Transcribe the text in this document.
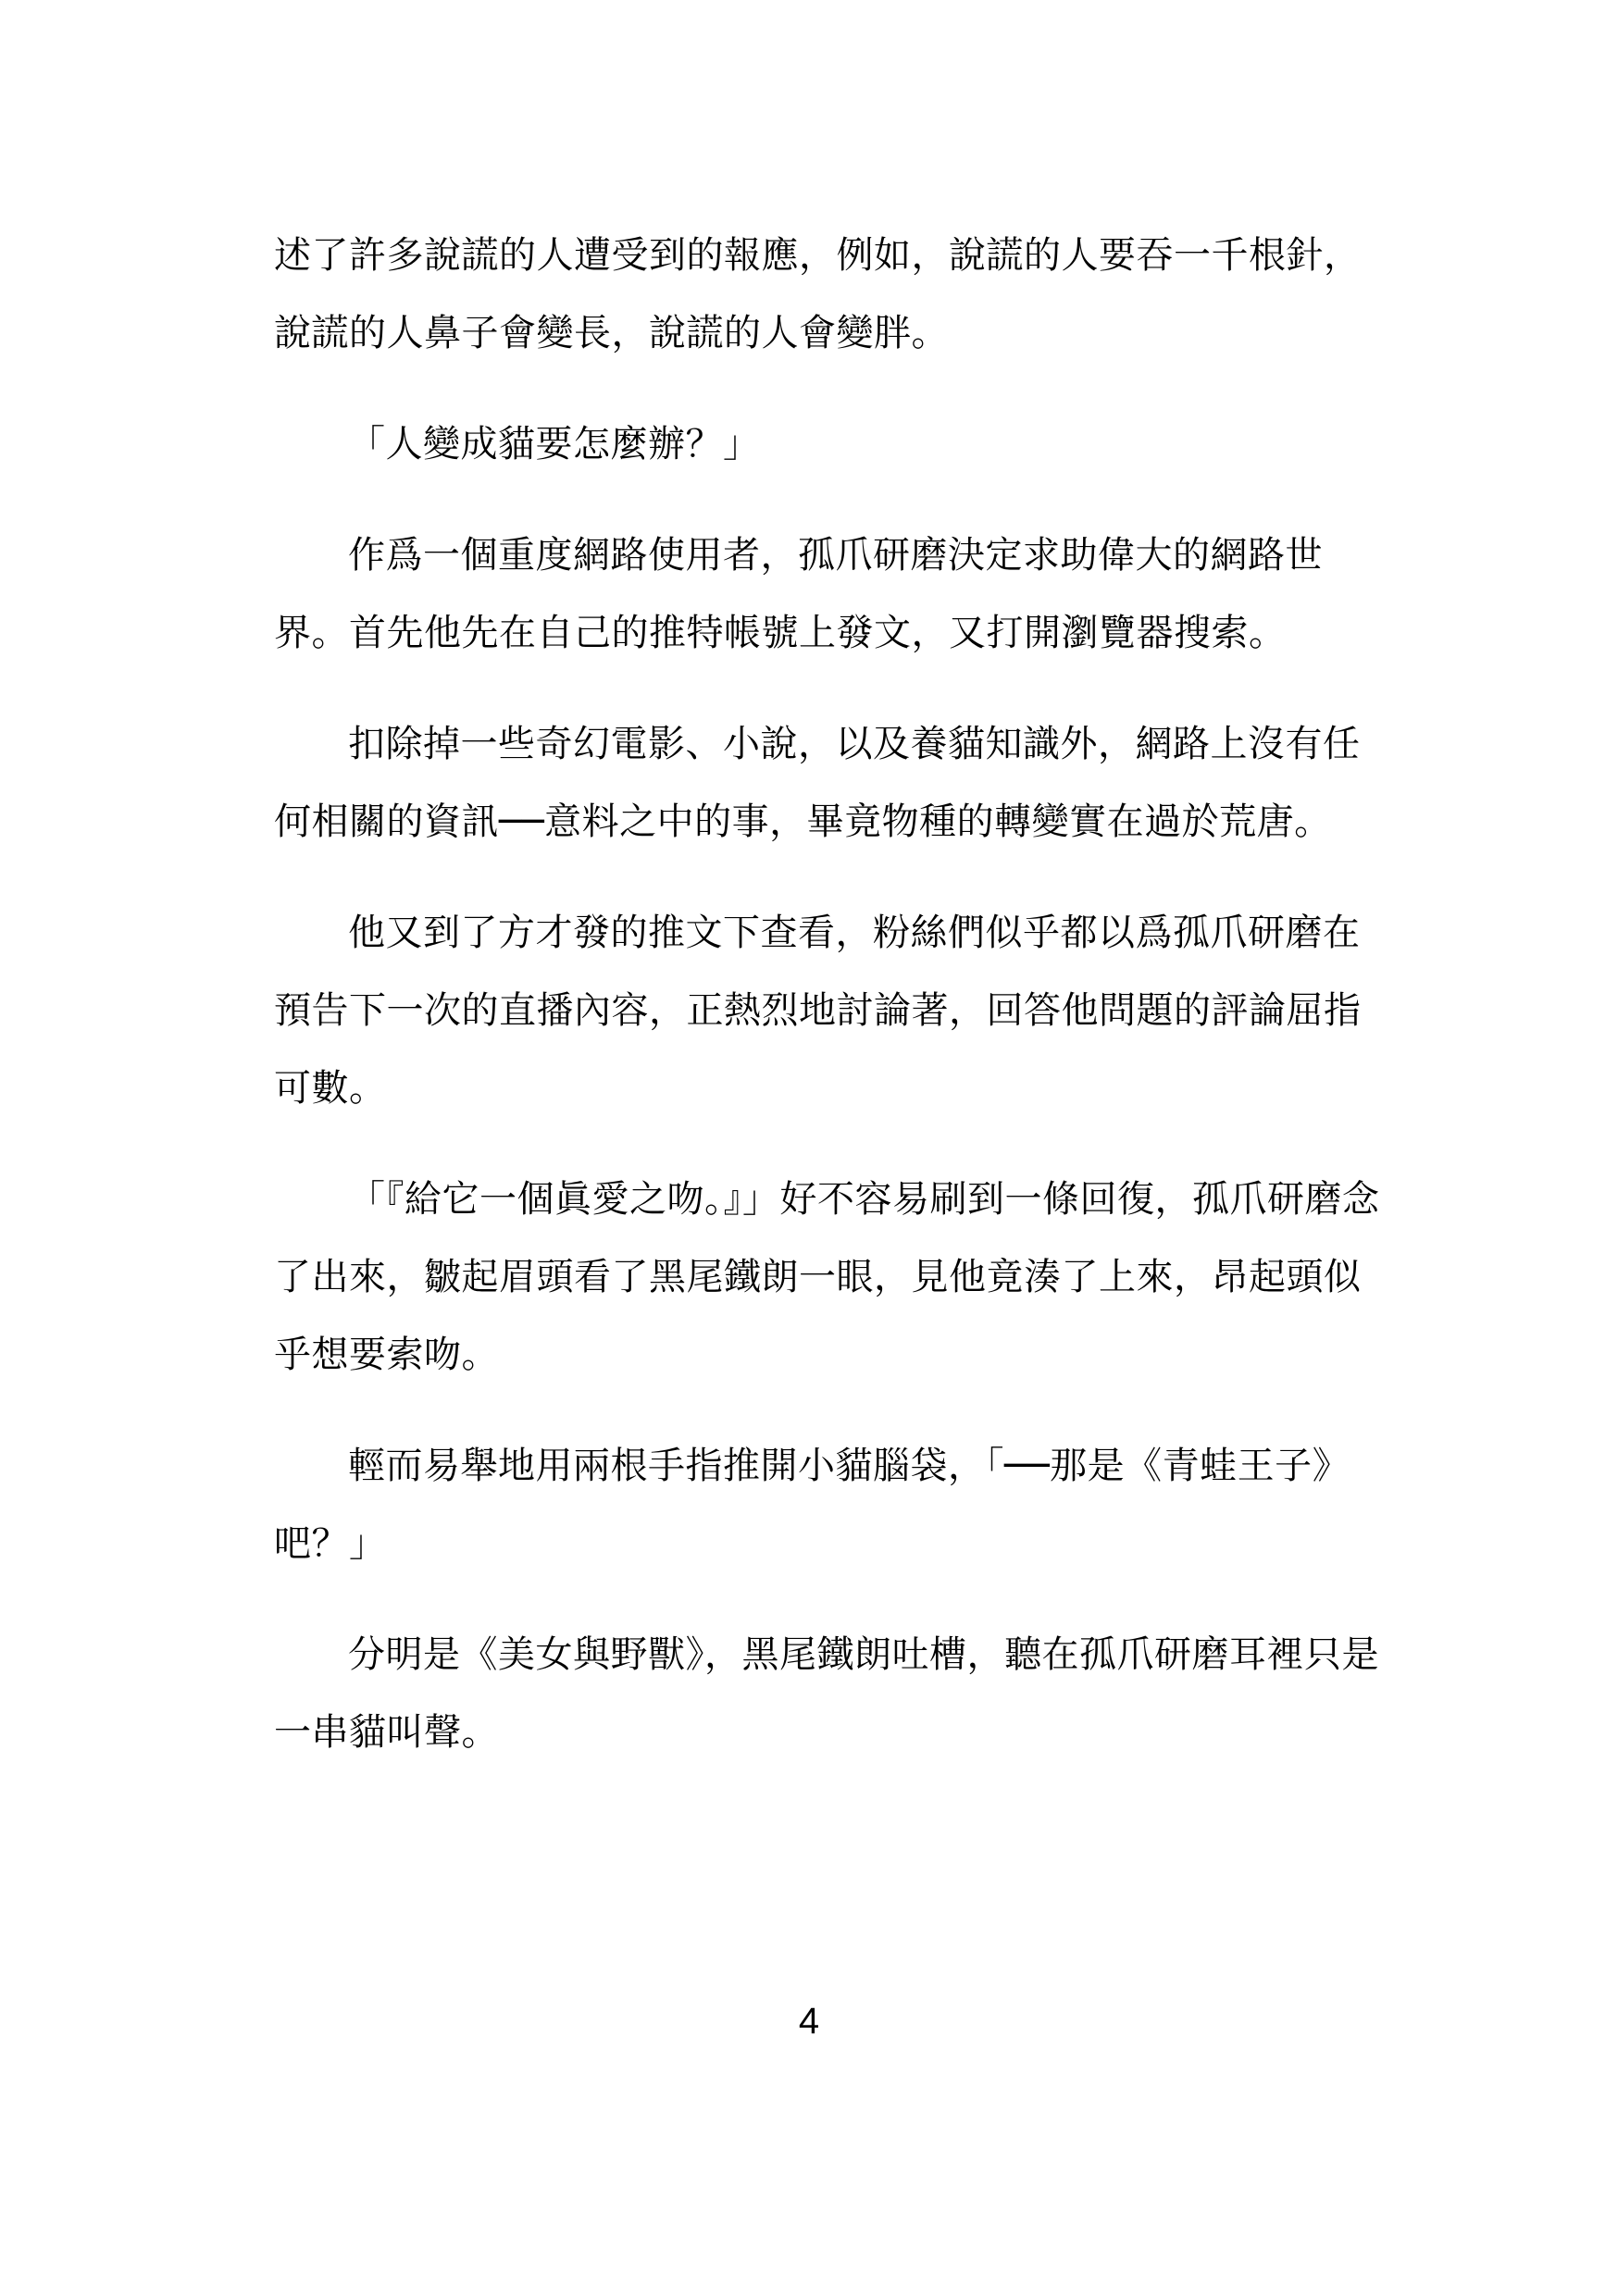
述了許多說謊的人遭受到的報應，例如，說謊的人要吞一千根針，
說謊的人鼻子會變長，說謊的人會變胖。
「人變成貓要怎麼辦？」
作爲一個重度網路使用者，孤爪研磨決定求助偉大的網路世
界。首先他先在自己的推特帳號上發文，又打開瀏覽器搜索。
扣除掉一些奇幻電影、小說，以及養貓知識外，網路上沒有任
何相關的資訊──意料之中的事，畢竟物種的轉變實在過於荒唐。
他又到了方才發的推文下查看，粉絲們似乎都以爲孤爪研磨在
預告下一次的直播內容，正熱烈地討論著，回答他問題的評論屈指
可數。
「『給它一個眞愛之吻。』」好不容易刷到一條回復，孤爪研磨念
了出來，皺起眉頭看了黑尾鐵朗一眼，見他竟湊了上來，昂起頭似
乎想要索吻。
輕而易舉地用兩根手指推開小貓腦袋，「──那是《青蛙王子》
吧？」
分明是《美女與野獸》，黑尾鐵朗吐槽，聽在孤爪研磨耳裡只是
一串貓叫聲。
4
